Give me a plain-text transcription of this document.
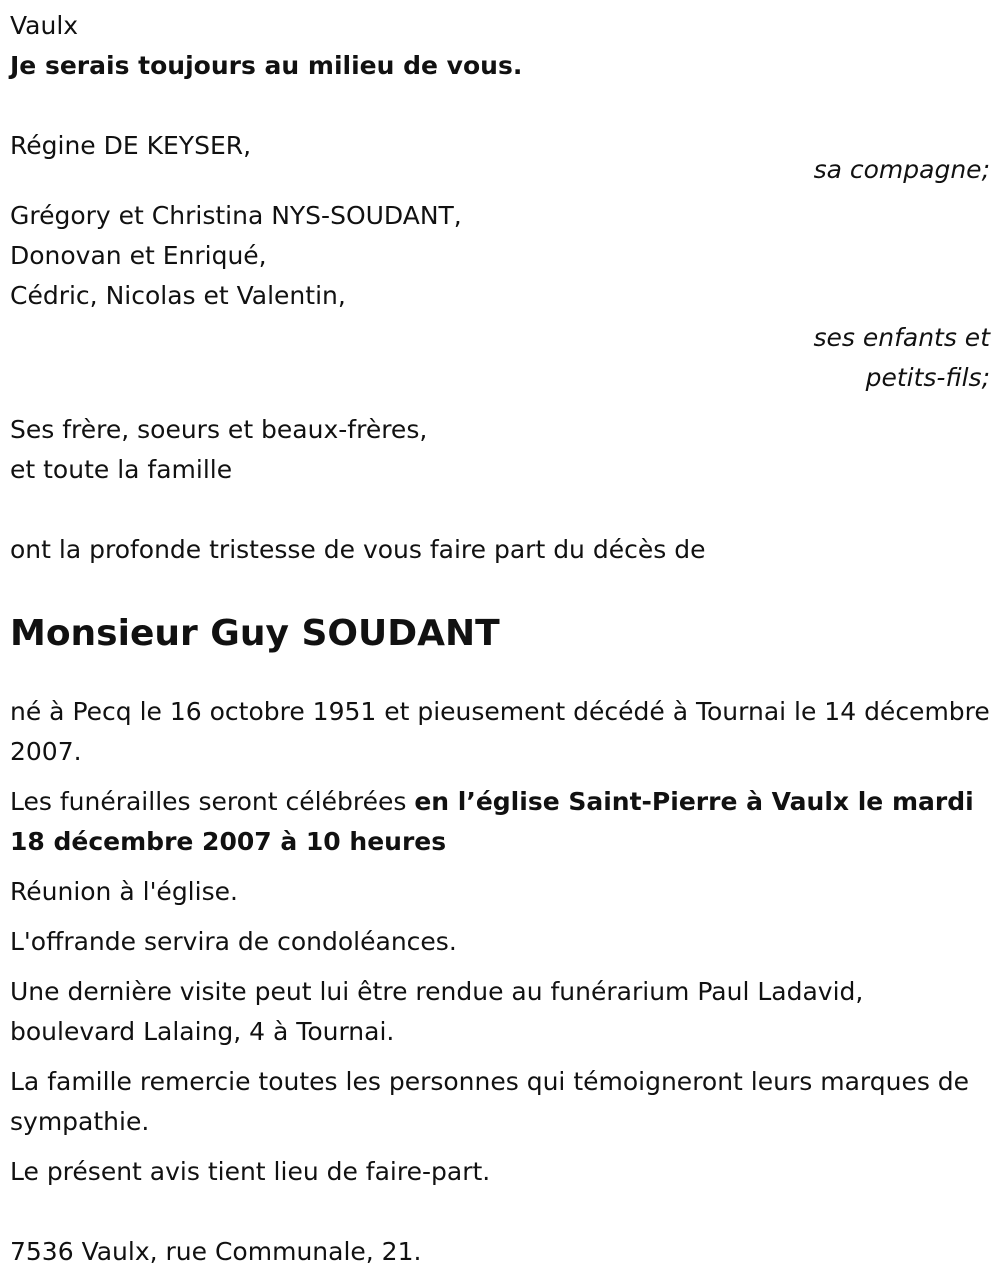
Vaulx

Je serais toujours au milieu de vous.

Régine DE KEYSER,

sa compagne;

Grégory et Christina NYS-SOUDANT,

Donovan et Enriqué,

Cédric, Nicolas et Valentin,

ses enfants et

petits-fils;

Ses frère, soeurs et beaux-frères,

et toute la famille

ont la profonde tristesse de vous faire part du décès de

Monsieur Guy SOUDANT

né à Pecq le 16 octobre 1951 et pieusement décédé à Tournai le 14 décembre 2007.

Les funérailles seront célébrées en l’église Saint-Pierre à Vaulx le mardi 18 décembre 2007 à 10 heures

Réunion à l'église.

L'offrande servira de condoléances.

Une dernière visite peut lui être rendue au funérarium Paul Ladavid, boulevard Lalaing, 4 à Tournai.

La famille remercie toutes les personnes qui témoigneront leurs marques de sympathie.

Le présent avis tient lieu de faire-part.

7536 Vaulx, rue Communale, 21.
